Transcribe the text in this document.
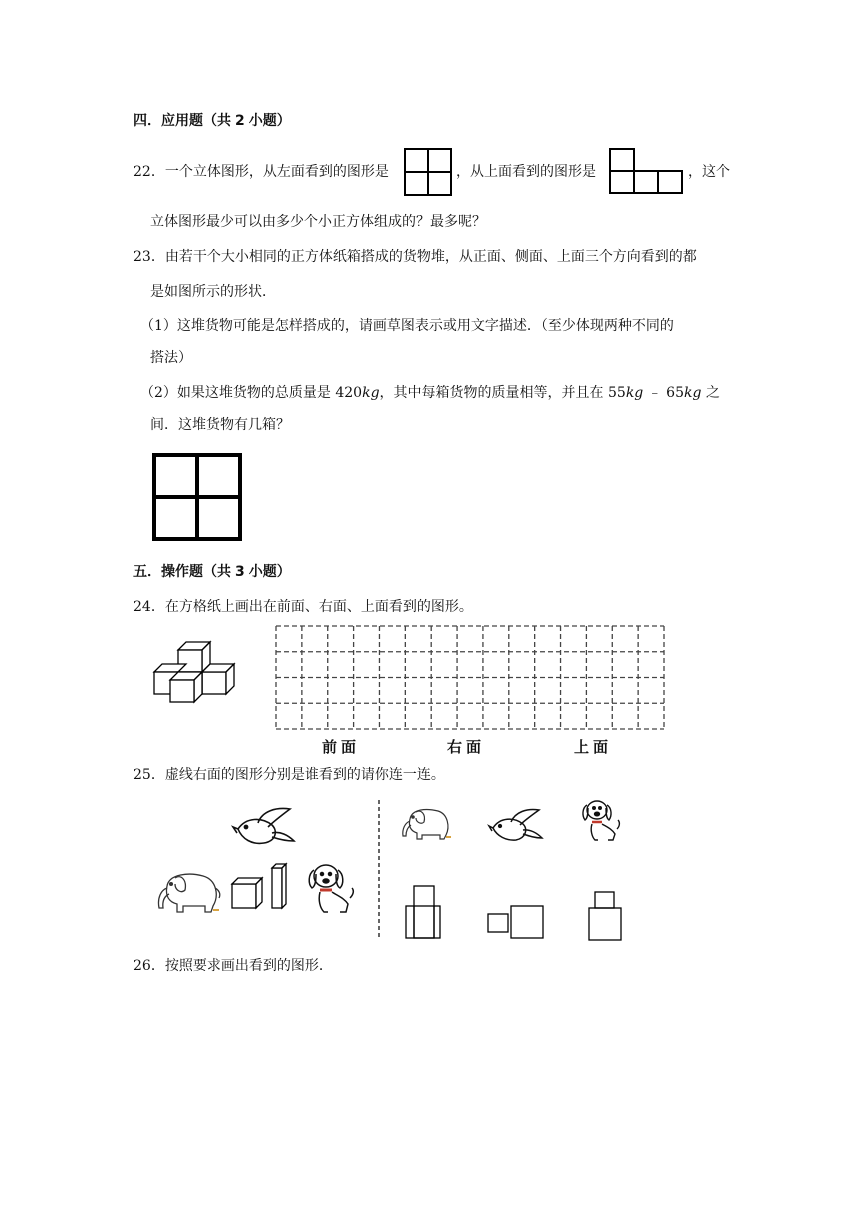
四．应用题（共 2 小题）
22．一个立体图形，从左面看到的图形是	，从上面看到的图形是	，这个
立体图形最少可以由多少个小正方体组成的？最多呢？
23．由若干个大小相同的正方体纸箱搭成的货物堆，从正面、侧面、上面三个方向看到的都
是如图所示的形状．
（1）这堆货物可能是怎样搭成的，请画草图表示或用文字描述．（至少体现两种不同的
搭法）
（2）如果这堆货物的总质量是 420kg，其中每箱货物的质量相等，并且在 55kg ﹣ 65kg 之
间．这堆货物有几箱？
五．操作题（共 3 小题）
24．在方格纸上画出在前面、右面、上面看到的图形。
前面	右面	上面
25．虚线右面的图形分别是谁看到的请你连一连。
26．按照要求画出看到的图形．
